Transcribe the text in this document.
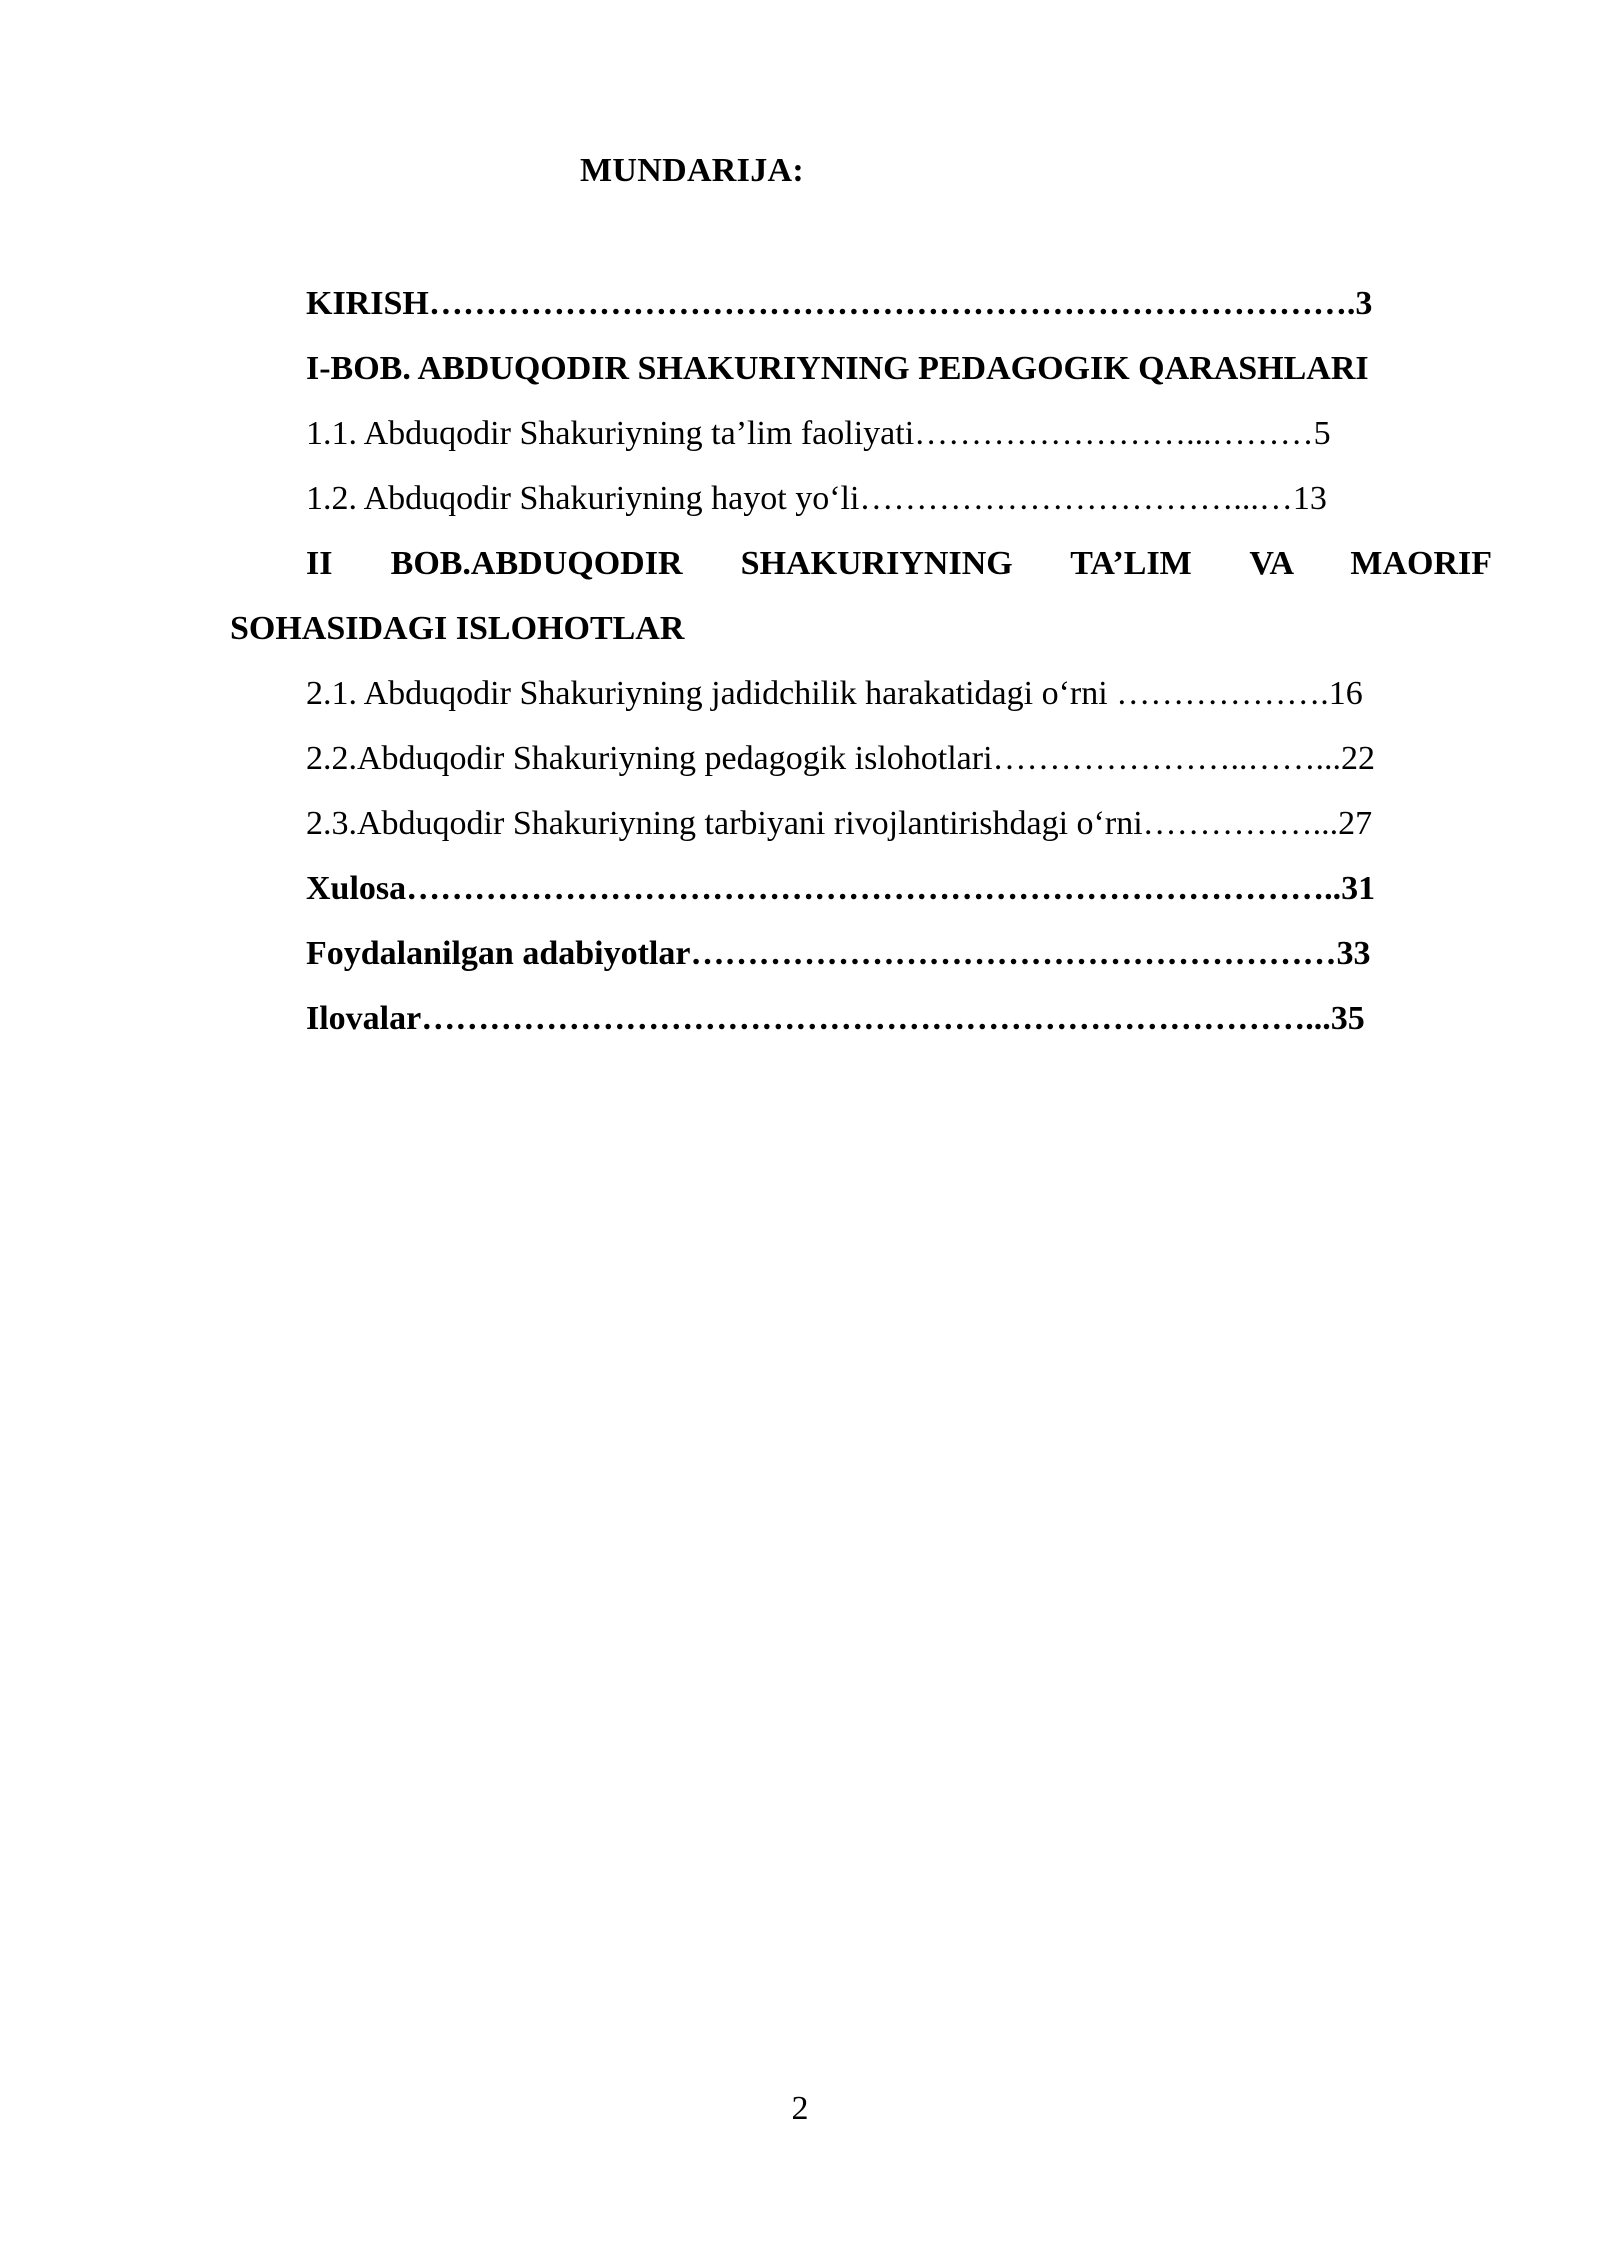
MUNDARIJA:
KIRISH……………………………………………………………………….3
I-BOB. ABDUQODIR SHAKURIYNING PEDAGOGIK QARASHLARI
1.1. Abduqodir Shakuriyning ta’lim faoliyati……………………...………5
1.2. Abduqodir Shakuriyning hayot yo‘li……………………………...…13
II BOB.ABDUQODIR SHAKURIYNING TA’LIM VA MAORIF
SOHASIDAGI ISLOHOTLAR
2.1. Abduqodir Shakuriyning jadidchilik harakatidagi o‘rni ……………….16
2.2.Abduqodir Shakuriyning pedagogik islohotlari…………………..……...22
2.3.Abduqodir Shakuriyning tarbiyani rivojlantirishdagi o‘rni……………...27
Xulosa………………………………………………………………………..31
Foydalanilgan adabiyotlar…………………………………………………33
Ilovalar……………………………………………………………………...35
2
